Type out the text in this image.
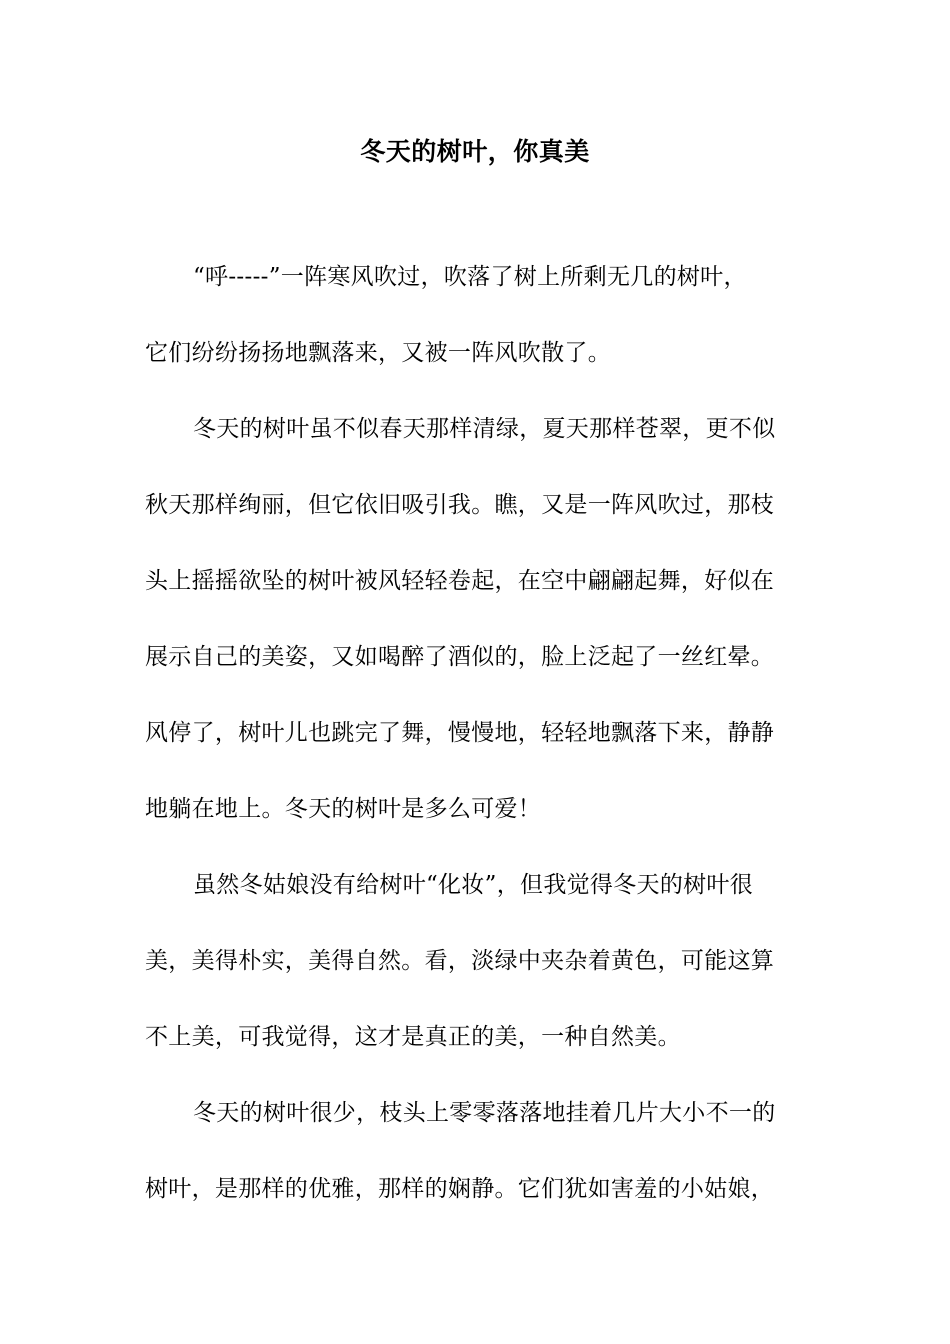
冬天的树叶，你真美
“呼-----”一阵寒风吹过，吹落了树上所剩无几的树叶，
它们纷纷扬扬地飘落来，又被一阵风吹散了。
冬天的树叶虽不似春天那样清绿，夏天那样苍翠，更不似
秋天那样绚丽，但它依旧吸引我。瞧，又是一阵风吹过，那枝
头上摇摇欲坠的树叶被风轻轻卷起，在空中翩翩起舞，好似在
展示自己的美姿，又如喝醉了酒似的，脸上泛起了一丝红晕。
风停了，树叶儿也跳完了舞，慢慢地，轻轻地飘落下来，静静
地躺在地上。冬天的树叶是多么可爱！
虽然冬姑娘没有给树叶“化妆”，但我觉得冬天的树叶很
美，美得朴实，美得自然。看，淡绿中夹杂着黄色，可能这算
不上美，可我觉得，这才是真正的美，一种自然美。
冬天的树叶很少，枝头上零零落落地挂着几片大小不一的
树叶，是那样的优雅，那样的娴静。它们犹如害羞的小姑娘，
